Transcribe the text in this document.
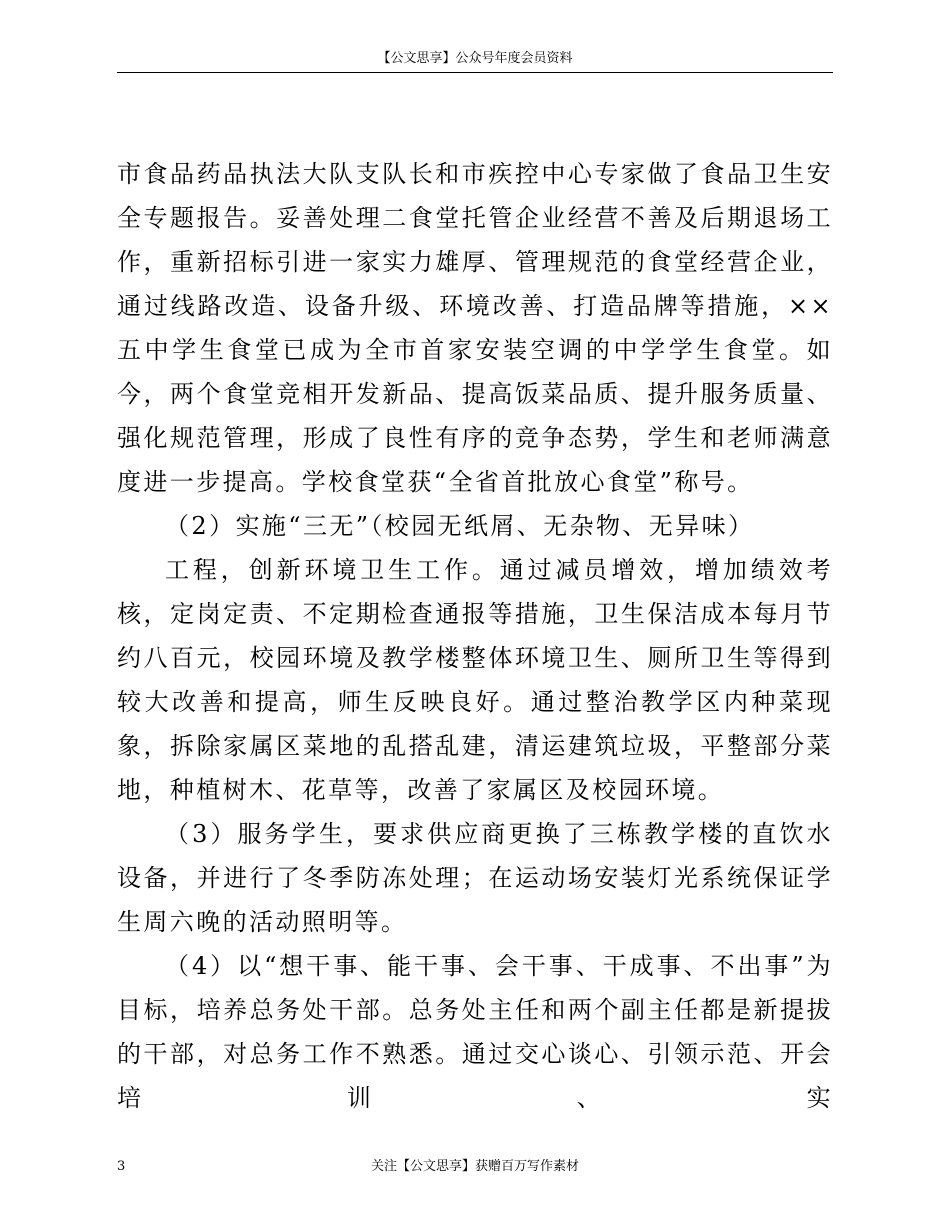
【公文思享】公众号年度会员资料

市食品药品执法大队支队长和市疾控中心专家做了食品卫生安全专题报告。妥善处理二食堂托管企业经营不善及后期退场工作，重新招标引进一家实力雄厚、管理规范的食堂经营企业，通过线路改造、设备升级、环境改善、打造品牌等措施，××五中学生食堂已成为全市首家安装空调的中学学生食堂。如今，两个食堂竞相开发新品、提高饭菜品质、提升服务质量、强化规范管理，形成了良性有序的竞争态势，学生和老师满意度进一步提高。学校食堂获“全省首批放心食堂”称号。

（2）实施“三无”（校园无纸屑、无杂物、无异味）

工程，创新环境卫生工作。通过减员增效，增加绩效考核，定岗定责、不定期检查通报等措施，卫生保洁成本每月节约八百元，校园环境及教学楼整体环境卫生、厕所卫生等得到较大改善和提高，师生反映良好。通过整治教学区内种菜现象，拆除家属区菜地的乱搭乱建，清运建筑垃圾，平整部分菜地，种植树木、花草等，改善了家属区及校园环境。

（3）服务学生，要求供应商更换了三栋教学楼的直饮水设备，并进行了冬季防冻处理；在运动场安装灯光系统保证学生周六晚的活动照明等。

（4）以“想干事、能干事、会干事、干成事、不出事”为目标，培养总务处干部。总务处主任和两个副主任都是新提拔的干部，对总务工作不熟悉。通过交心谈心、引领示范、开会培训、实

3	关注【公文思享】获赠百万写作素材
